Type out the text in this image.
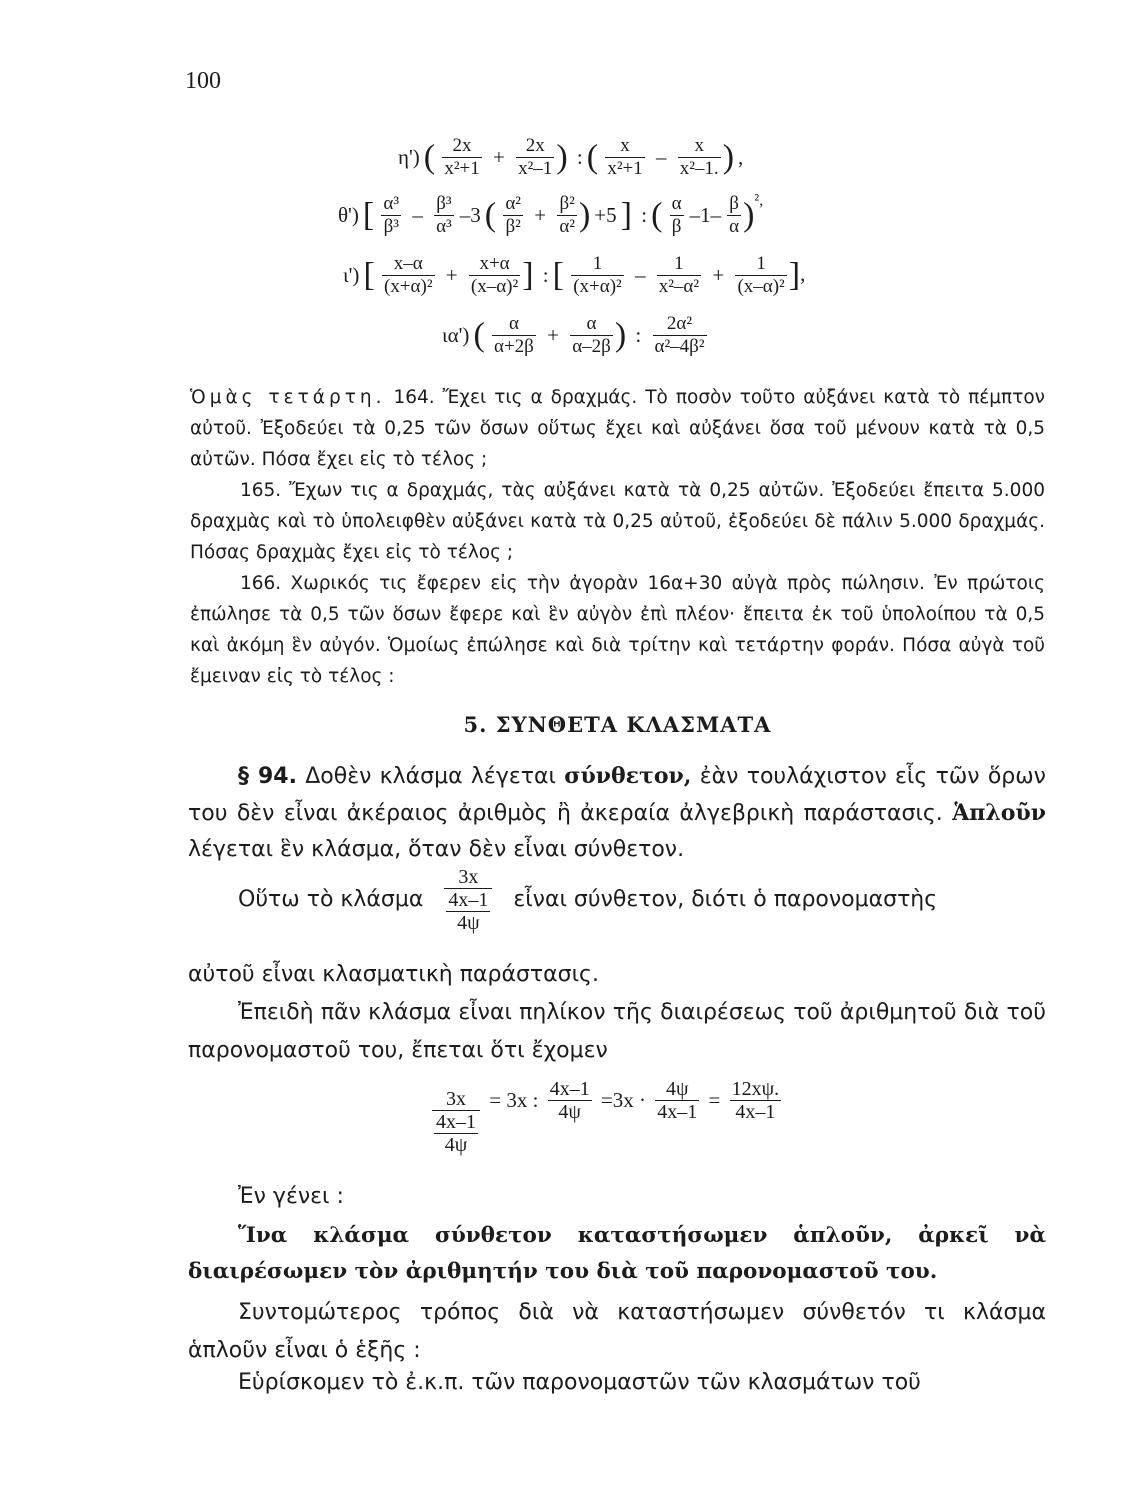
100
η') ( $\frac{2x}{\text{x²+1}} + \frac{2x}{\text{x²–1}}$ ) : ( $\frac{x}{\text{x²+1}} - \frac{x}{\text{x²–1.}}$ ) ,
θ') [ $\frac{\text{α³}}{\text{β³}} - \frac{\text{β³}}{\text{α³}} -3$ ( $\frac{\text{α²}}{\text{β²}} + \frac{\text{β²}}{\text{α²}}$ ) +5 ] : ( $\frac{\alpha}{\beta} -1- \frac{\beta}{\alpha} )^{^2,}$
ι') [ $\frac{x-\alpha}{\text{(x+α)²}} + \frac{x+\alpha}{\text{(x–α)²}}$ ] : [ $\frac{1}{\text{(x+α)²}} - \frac{1}{\text{x²–α²}} + \frac{1}{\text{(x–α)²}}$ ],
ια') ( $\frac{\alpha}{\alpha+2\beta} + \frac{\alpha}{\alpha-2\beta}$ ) : $\frac{\text{2α²}}{\text{α²–4β²}}$

Ὁμὰς τετάρτη. 164. Ἔχει τις α δραχμάς. Τὸ ποσὸν τοῦτο αὐξάνει κατὰ τὸ πέμπτον αὐτοῦ. Ἐξοδεύει τὰ 0,25 τῶν ὅσων οὕτως ἔχει καὶ αὐξάνει ὅσα τοῦ μένουν κατὰ τὰ 0,5 αὐτῶν. Πόσα ἔχει εἰς τὸ τέλος ;

165. Ἔχων τις α δραχμάς, τὰς αὐξάνει κατὰ τὰ 0,25 αὐτῶν. Ἐξοδεύει ἔπειτα 5.000 δραχμὰς καὶ τὸ ὑπολειφθὲν αὐξάνει κατὰ τὰ 0,25 αὐτοῦ, ἐξοδεύει δὲ πάλιν 5.000 δραχμάς. Πόσας δραχμὰς ἔχει εἰς τὸ τέλος ;

166. Χωρικός τις ἔφερεν εἰς τὴν ἀγορὰν 16α+30 αὐγὰ πρὸς πώλησιν. Ἐν πρώτοις ἐπώλησε τὰ 0,5 τῶν ὅσων ἔφερε καὶ ἓν αὐγὸν ἐπὶ πλέον· ἔπειτα ἐκ τοῦ ὑπολοίπου τὰ 0,5 καὶ ἀκόμη ἓν αὐγόν. Ὁμοίως ἐπώλησε καὶ διὰ τρίτην καὶ τετάρτην φοράν. Πόσα αὐγὰ τοῦ ἔμειναν εἰς τὸ τέλος :

5. ΣΥΝΘΕΤΑ ΚΛΑΣΜΑΤΑ

§ 94. Δοθὲν κλάσμα λέγεται σύνθετον, ἐὰν τουλάχιστον εἷς τῶν ὅρων του δὲν εἶναι ἀκέραιος ἀριθμὸς ἢ ἀκεραία ἀλγεβρικὴ παράστασις. Ἁπλοῦν λέγεται ἓν κλάσμα, ὅταν δὲν εἶναι σύνθετον.

Οὕτω τὸ κλάσμα $\frac{3x}{\frac{4x-1}{4\psi}}$ εἶναι σύνθετον, διότι ὁ παρονομαστὴς
αὐτοῦ εἶναι κλασματικὴ παράστασις.

Ἐπειδὴ πᾶν κλάσμα εἶναι πηλίκον τῆς διαιρέσεως τοῦ ἀριθμητοῦ διὰ τοῦ παρονομαστοῦ του, ἔπεται ὅτι ἔχομεν

$\frac{3x}{\frac{4x-1}{4\psi}} = 3x$ : $\frac{4x-1}{4\psi} =3x \cdot \frac{4\psi}{4x-1} = \frac{12x\psi.}{4x-1}$
Ἐν γένει :

Ἵνα κλάσμα σύνθετον καταστήσωμεν ἁπλοῦν, ἀρκεῖ νὰ διαιρέσωμεν τὸν ἀριθμητήν του διὰ τοῦ παρονομαστοῦ του.

Συντομώτερος τρόπος διὰ νὰ καταστήσωμεν σύνθετόν τι κλάσμα ἁπλοῦν εἶναι ὁ ἑξῆς :

Εὑρίσκομεν τὸ ἐ.κ.π. τῶν παρονομαστῶν τῶν κλασμάτων τοῦ
